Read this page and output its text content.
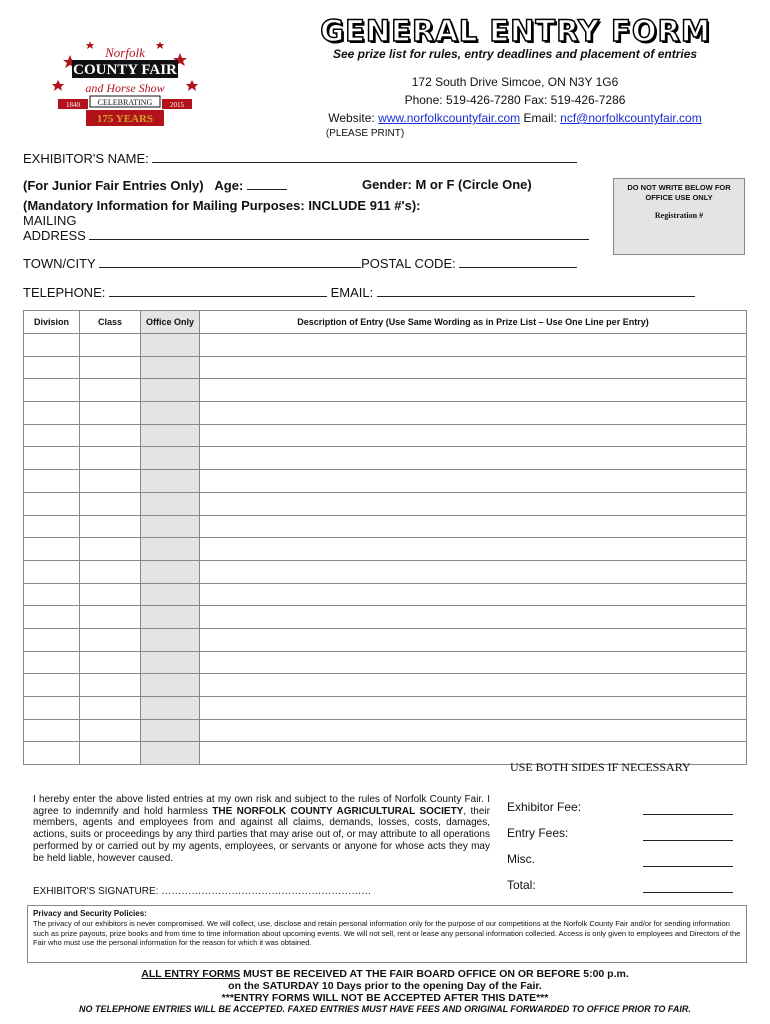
Norfolk
COUNTY FAIR
and Horse Show
CELEBRATING
1840	2015
175 YEARS
GENERAL ENTRY FORM
See prize list for rules, entry deadlines and placement of entries
172 South Drive Simcoe, ON N3Y 1G6
Phone: 519-426-7280 Fax: 519-426-7286
Website: www.norfolkcountyfair.com Email: ncf@norfolkcountyfair.com
(PLEASE PRINT)
EXHIBITOR'S NAME:
(For Junior Fair Entries Only) Age:	Gender: M or F (Circle One)	DO NOT WRITE BELOW FOR OFFICE USE ONLY
Registration #
(Mandatory Information for Mailing Purposes: INCLUDE 911 #'s):
MAILING
ADDRESS
TOWN/CITY	POSTAL CODE:
TELEPHONE:	EMAIL:
Division	Class	Office Only	Description of Entry (Use Same Wording as in Prize List – Use One Line per Entry)

USE BOTH SIDES IF NECESSARY
I hereby enter the above listed entries at my own risk and subject to the rules of Norfolk County Fair. I agree to indemnify and hold harmless THE NORFOLK COUNTY AGRICULTURAL SOCIETY, their members, agents and employees from and against all claims, demands, losses, costs, damages, actions, suits or proceedings by any third parties that may arise out of, or may attribute to all operations performed by or carried out by my agents, employees, or servants or anyone for whose acts they may be held liable, however caused.
EXHIBITOR'S SIGNATURE: ………………………………………………………
Exhibitor Fee:
Entry Fees:
Misc.
Total:
Privacy and Security Policies:
The privacy of our exhibitors is never compromised. We will collect, use, disclose and retain personal information only for the purpose of our competitions at the Norfolk County Fair and/or for sending information such as prize payouts, prize books and from time to time information about upcoming events. We will not sell, rent or lease any personal information collected. Access is only given to employees and Directors of the Fair who must use the personal information for the reason for which it was obtained.
ALL ENTRY FORMS MUST BE RECEIVED AT THE FAIR BOARD OFFICE ON OR BEFORE 5:00 p.m.
on the SATURDAY 10 Days prior to the opening Day of the Fair.
***ENTRY FORMS WILL NOT BE ACCEPTED AFTER THIS DATE***
NO TELEPHONE ENTRIES WILL BE ACCEPTED. FAXED ENTRIES MUST HAVE FEES AND ORIGINAL FORWARDED TO OFFICE PRIOR TO FAIR.
